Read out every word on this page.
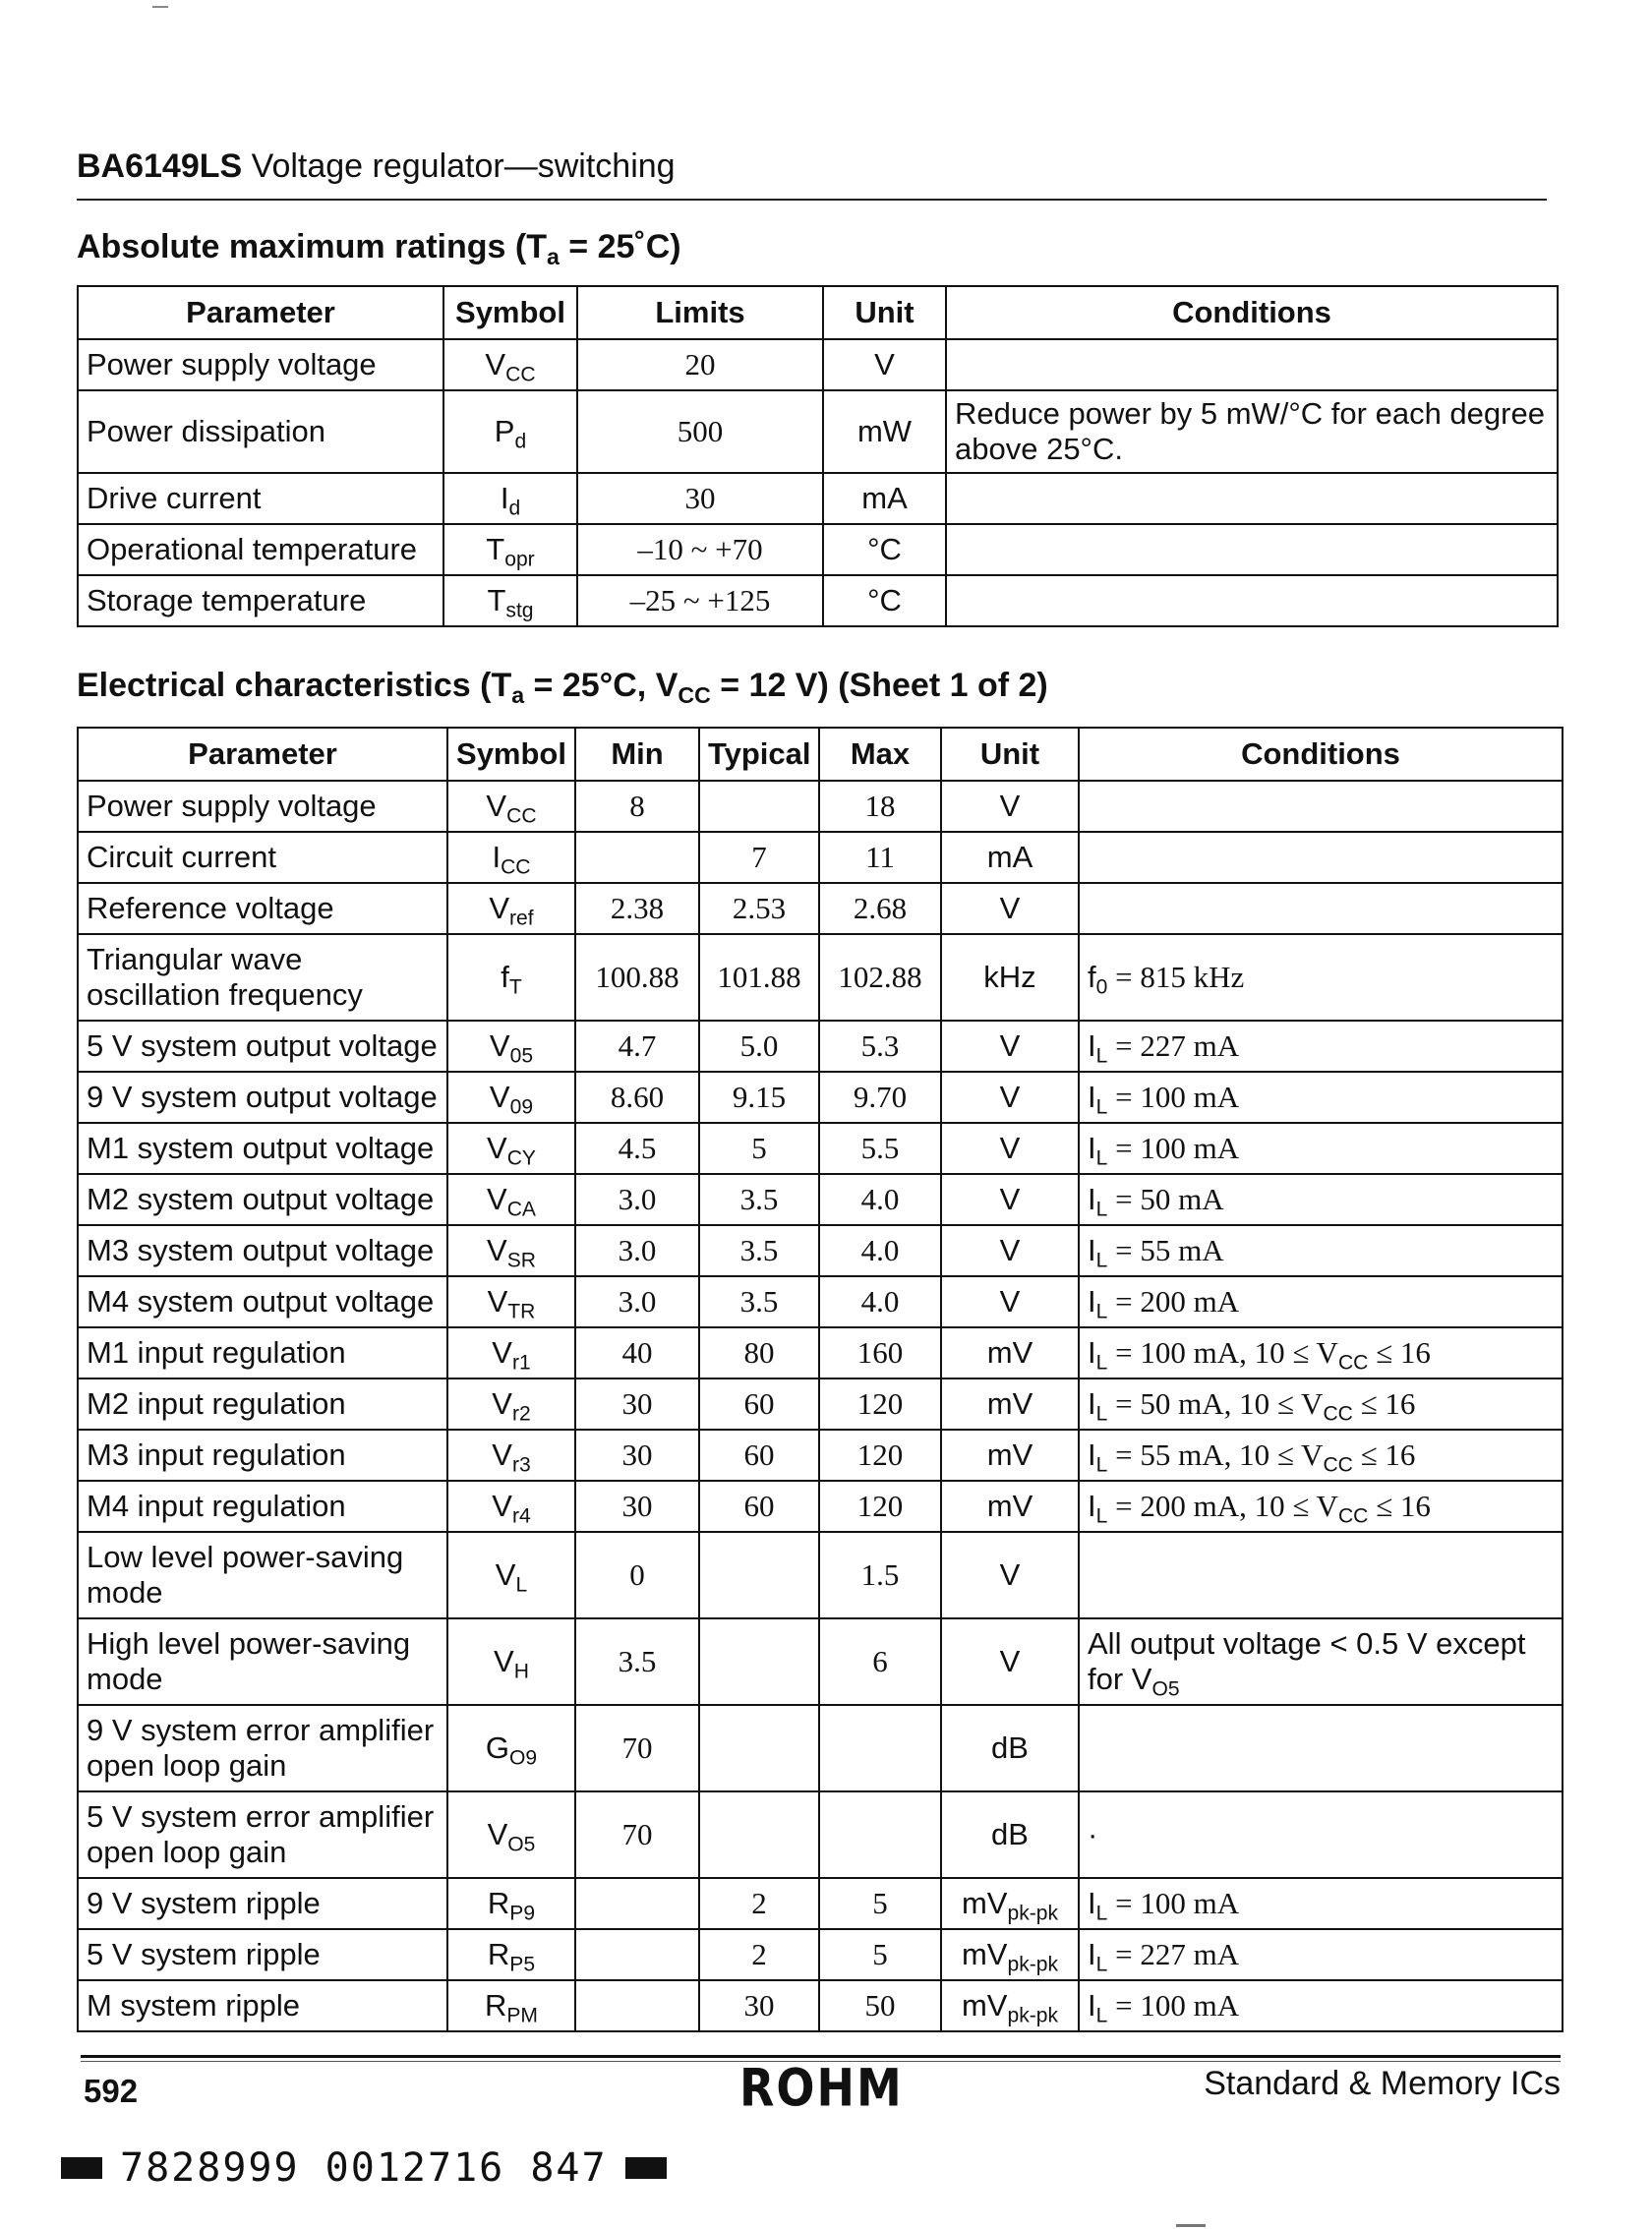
BA6149LS Voltage regulator—switching
Absolute maximum ratings ($T_a$ = 25˚C)
Parameter	Symbol	Limits	Unit	Conditions
Power supply voltage	$V_{CC}$	20	V	
Power dissipation	$P_d$	500	mW	Reduce power by 5 mW/°C for each degree above 25°C.
Drive current	$I_d$	30	mA	
Operational temperature	$T_{opr}$	–10 ~ +70	°C	
Storage temperature	$T_{stg}$	–25 ~ +125	°C	
Electrical characteristics ($T_a = 25^\circ C$, $V_{CC} = 12$ V) (Sheet 1 of 2)
Parameter	Symbol	Min	Typical	Max	Unit	Conditions
Power supply voltage	$V_{CC}$	8		18	V	
Circuit current	$I_{CC}$		7	11	mA	
Reference voltage	$V_{ref}$	2.38	2.53	2.68	V	
Triangular wave oscillation frequency	$f_T$	100.88	101.88	102.88	kHz	$f_0 = 815$ kHz
5 V system output voltage	$V_{05}$	4.7	5.0	5.3	V	$I_L = 227$ mA
9 V system output voltage	$V_{09}$	8.60	9.15	9.70	V	$I_L = 100$ mA
M1 system output voltage	$V_{CY}$	4.5	5	5.5	V	$I_L = 100$ mA
M2 system output voltage	$V_{CA}$	3.0	3.5	4.0	V	$I_L = 50$ mA
M3 system output voltage	$V_{SR}$	3.0	3.5	4.0	V	$I_L = 55$ mA
M4 system output voltage	$V_{TR}$	3.0	3.5	4.0	V	$I_L = 200$ mA
M1 input regulation	$V_{r1}$	40	80	160	mV	$I_L = 100$ mA, $10 \le V_{CC} \le 16$
M2 input regulation	$V_{r2}$	30	60	120	mV	$I_L = 50$ mA, $10 \le V_{CC} \le 16$
M3 input regulation	$V_{r3}$	30	60	120	mV	$I_L = 55$ mA, $10 \le V_{CC} \le 16$
M4 input regulation	$V_{r4}$	30	60	120	mV	$I_L = 200$ mA, $10 \le V_{CC} \le 16$
Low level power-saving mode	$V_L$	0		1.5	V	
High level power-saving mode	$V_H$	3.5		6	V	All output voltage < 0.5 V except for $V_{O5}$
9 V system error amplifier open loop gain	$G_{O9}$	70			dB	
5 V system error amplifier open loop gain	$V_{O5}$	70			dB	·
9 V system ripple	$R_{P9}$		2	5	$mV_{pk-pk}$	$I_L = 100$ mA
5 V system ripple	$R_{P5}$		2	5	$mV_{pk-pk}$	$I_L = 227$ mA
M system ripple	$R_{PM}$		30	50	$mV_{pk-pk}$	$I_L = 100$ mA
592	ROHM	Standard & Memory ICs
7828999 0012716 847
